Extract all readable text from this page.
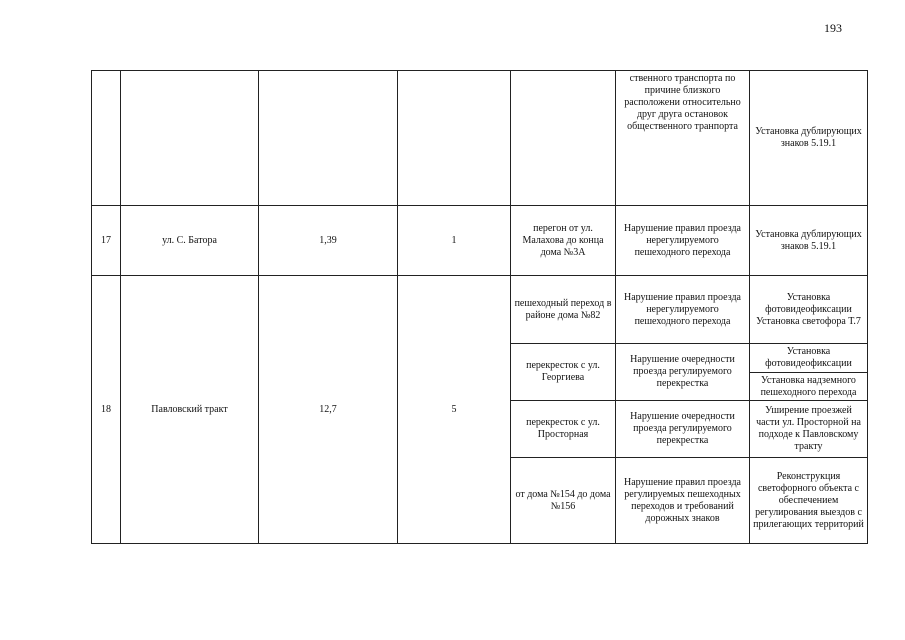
193
					ственного транспорта по причине близкого расположени относительно друг друга остановок общественного транпорта	Установка дублирующих знаков 5.19.1
17	ул. С. Батора	1,39	1	перегон от ул. Малахова до конца дома №3А	Нарушение правил проезда нерегулируемого пешеходного перехода	Установка дублирующих знаков 5.19.1
18	Павловский тракт	12,7	5	пешеходный переход в районе дома №82	Нарушение правил проезда нерегулируемого пешеходного перехода	Установка фотовидеофиксации Установка светофора Т.7
				перекресток с ул. Георгиева	Нарушение очередности проезда регулируемого перекрестка	Установка фотовидеофиксации
						Установка надземного пешеходного перехода
				перекресток с ул. Просторная	Нарушение очередности проезда регулируемого перекрестка	Уширение проезжей части ул. Просторной на подходе к Павловскому тракту
				от дома №154 до дома №156	Нарушение правил проезда регулируемых пешеходных переходов и требований дорожных знаков	Реконструкция светофорного объекта с обеспечением регулирования выездов с прилегающих территорий
